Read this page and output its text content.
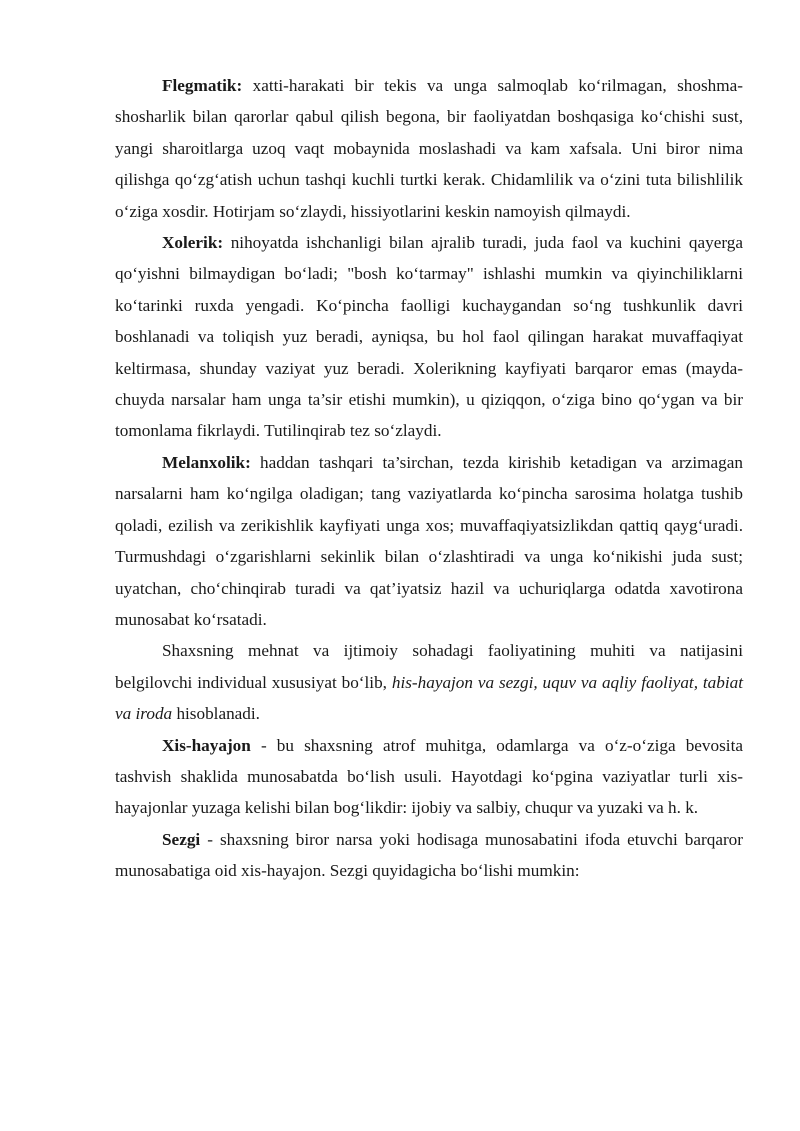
Flegmatik: xatti-harakati bir tekis va unga salmoqlab ko‘rilmagan, shoshma-shosharlik bilan qarorlar qabul qilish begona, bir faoliyatdan boshqasiga ko‘chishi sust, yangi sharoitlarga uzoq vaqt mobaynida moslashadi va kam xafsala. Uni biror nima qilishga qo‘zg‘atish uchun tashqi kuchli turtki kerak. Chidamlilik va o‘zini tuta bilishlilik o‘ziga xosdir. Hotirjam so‘zlaydi, hissiyotlarini keskin namoyish qilmaydi.

Xolerik: nihoyatda ishchanligi bilan ajralib turadi, juda faol va kuchini qayerga qo‘yishni bilmaydigan bo‘ladi; "bosh ko‘tarmay" ishlashi mumkin va qiyinchiliklarni ko‘tarinki ruxda yengadi. Ko‘pincha faolligi kuchaygandan so‘ng tushkunlik davri boshlanadi va toliqish yuz beradi, ayniqsa, bu hol faol qilingan harakat muvaffaqiyat keltirmasa, shunday vaziyat yuz beradi. Xolerikning kayfiyati barqaror emas (mayda-chuyda narsalar ham unga ta’sir etishi mumkin), u qiziqqon, o‘ziga bino qo‘ygan va bir tomonlama fikrlaydi. Tutilinqirab tez so‘zlaydi.

Melanxolik: haddan tashqari ta’sirchan, tezda kirishib ketadigan va arzimagan narsalarni ham ko‘ngilga oladigan; tang vaziyatlarda ko‘pincha sarosima holatga tushib qoladi, ezilish va zerikishlik kayfiyati unga xos; muvaffaqiyatsizlikdan qattiq qayg‘uradi. Turmushdagi o‘zgarishlarni sekinlik bilan o‘zlashtiradi va unga ko‘nikishi juda sust; uyatchan, cho‘chinqirab turadi va qat’iyatsiz hazil va uchuriqlarga odatda xavotirona munosabat ko‘rsatadi.

Shaxsning mehnat va ijtimoiy sohadagi faoliyatining muhiti va natijasini belgilovchi individual xususiyat bo‘lib, his-hayajon va sezgi, uquv va aqliy faoliyat, tabiat va iroda hisoblanadi.

Xis-hayajon - bu shaxsning atrof muhitga, odamlarga va o‘z-o‘ziga bevosita tashvish shaklida munosabatda bo‘lish usuli. Hayotdagi ko‘pgina vaziyatlar turli xis-hayajonlar yuzaga kelishi bilan bog‘likdir: ijobiy va salbiy, chuqur va yuzaki va h. k.

Sezgi - shaxsning biror narsa yoki hodisaga munosabatini ifoda etuvchi barqaror munosabatiga oid xis-hayajon. Sezgi quyidagicha bo‘lishi mumkin:
